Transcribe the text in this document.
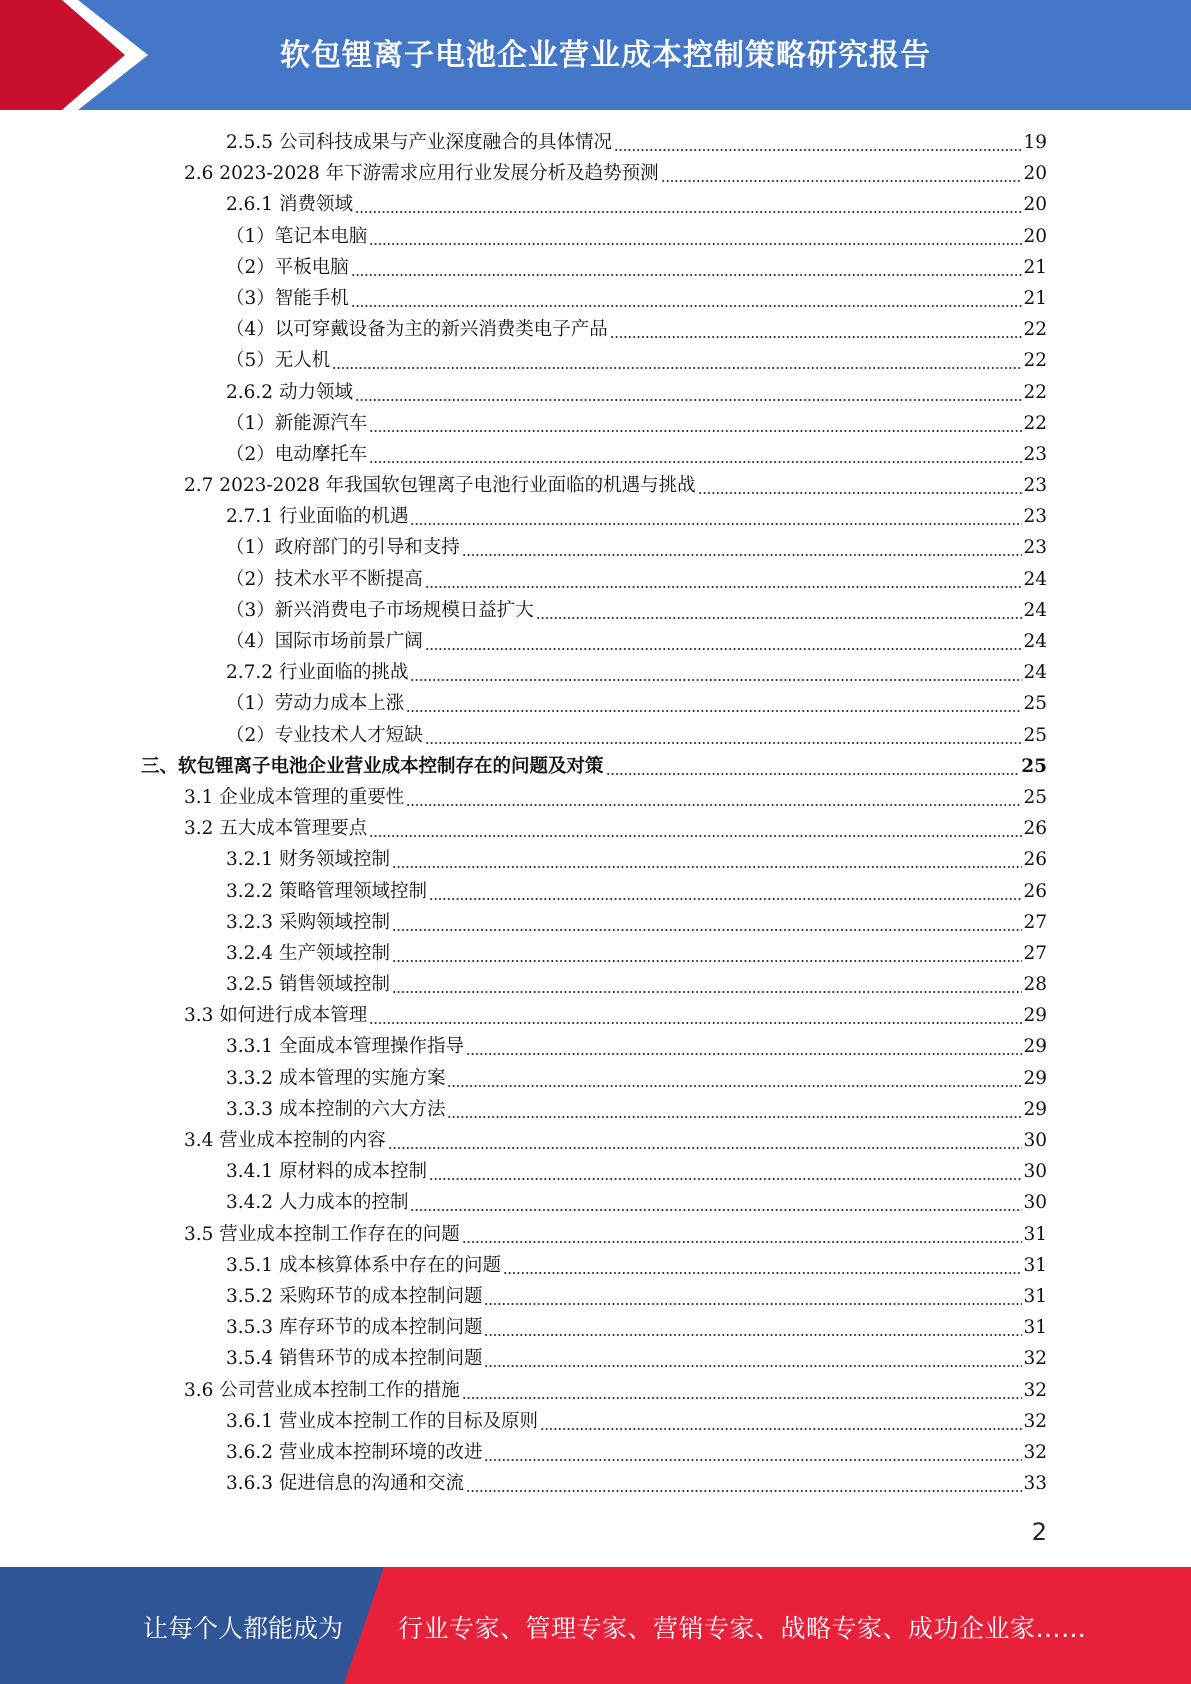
软包锂离子电池企业营业成本控制策略研究报告
2.5.5 公司科技成果与产业深度融合的具体情况	19
2.6 2023-2028 年下游需求应用行业发展分析及趋势预测	20
2.6.1 消费领域	20
（1）笔记本电脑	20
（2）平板电脑	21
（3）智能手机	21
（4）以可穿戴设备为主的新兴消费类电子产品	22
（5）无人机	22
2.6.2 动力领域	22
（1）新能源汽车	22
（2）电动摩托车	23
2.7 2023-2028 年我国软包锂离子电池行业面临的机遇与挑战	23
2.7.1 行业面临的机遇	23
（1）政府部门的引导和支持	23
（2）技术水平不断提高	24
（3）新兴消费电子市场规模日益扩大	24
（4）国际市场前景广阔	24
2.7.2 行业面临的挑战	24
（1）劳动力成本上涨	25
（2）专业技术人才短缺	25
三、软包锂离子电池企业营业成本控制存在的问题及对策	25
3.1 企业成本管理的重要性	25
3.2 五大成本管理要点	26
3.2.1 财务领域控制	26
3.2.2 策略管理领域控制	26
3.2.3 采购领域控制	27
3.2.4 生产领域控制	27
3.2.5 销售领域控制	28
3.3 如何进行成本管理	29
3.3.1 全面成本管理操作指导	29
3.3.2 成本管理的实施方案	29
3.3.3 成本控制的六大方法	29
3.4 营业成本控制的内容	30
3.4.1 原材料的成本控制	30
3.4.2 人力成本的控制	30
3.5 营业成本控制工作存在的问题	31
3.5.1 成本核算体系中存在的问题	31
3.5.2 采购环节的成本控制问题	31
3.5.3 库存环节的成本控制问题	31
3.5.4 销售环节的成本控制问题	32
3.6 公司营业成本控制工作的措施	32
3.6.1 营业成本控制工作的目标及原则	32
3.6.2 营业成本控制环境的改进	32
3.6.3 促进信息的沟通和交流	33
2
让每个人都能成为 行业专家、管理专家、营销专家、战略专家、成功企业家……
